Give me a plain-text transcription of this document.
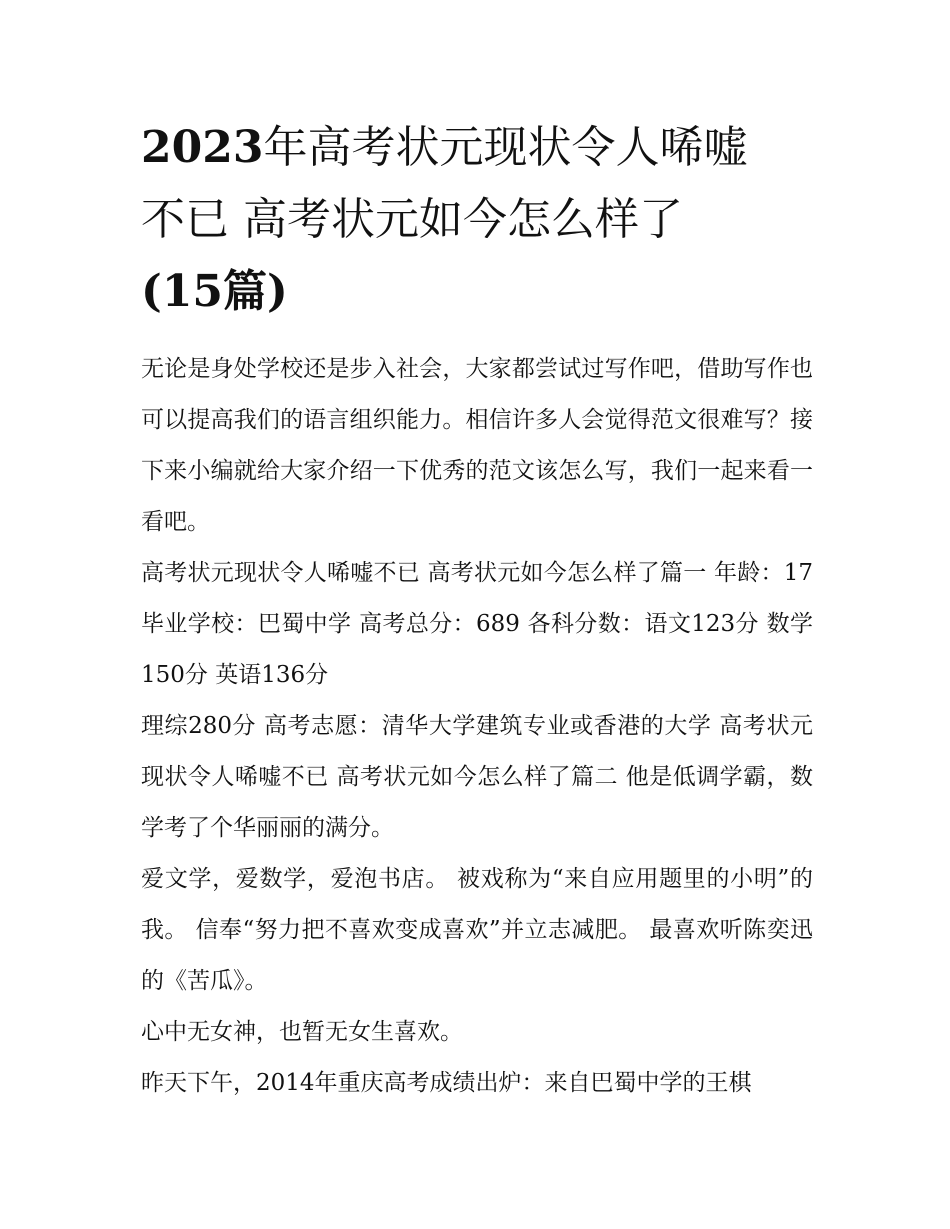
2023年高考状元现状令人唏嘘
不已 高考状元如今怎么样了
(15篇)

无论是身处学校还是步入社会，大家都尝试过写作吧，借助写作也可以提高我们的语言组织能力。相信许多人会觉得范文很难写？接下来小编就给大家介绍一下优秀的范文该怎么写，我们一起来看一看吧。

高考状元现状令人唏嘘不已 高考状元如今怎么样了篇一 年龄：17 毕业学校：巴蜀中学 高考总分：689 各科分数：语文123分 数学150分 英语136分

理综280分 高考志愿：清华大学建筑专业或香港的大学 高考状元现状令人唏嘘不已 高考状元如今怎么样了篇二 他是低调学霸，数学考了个华丽丽的满分。

爱文学，爱数学，爱泡书店。 被戏称为“来自应用题里的小明”的我。 信奉“努力把不喜欢变成喜欢”并立志减肥。 最喜欢听陈奕迅的《苦瓜》。

心中无女神，也暂无女生喜欢。

昨天下午，2014年重庆高考成绩出炉：来自巴蜀中学的王棋
